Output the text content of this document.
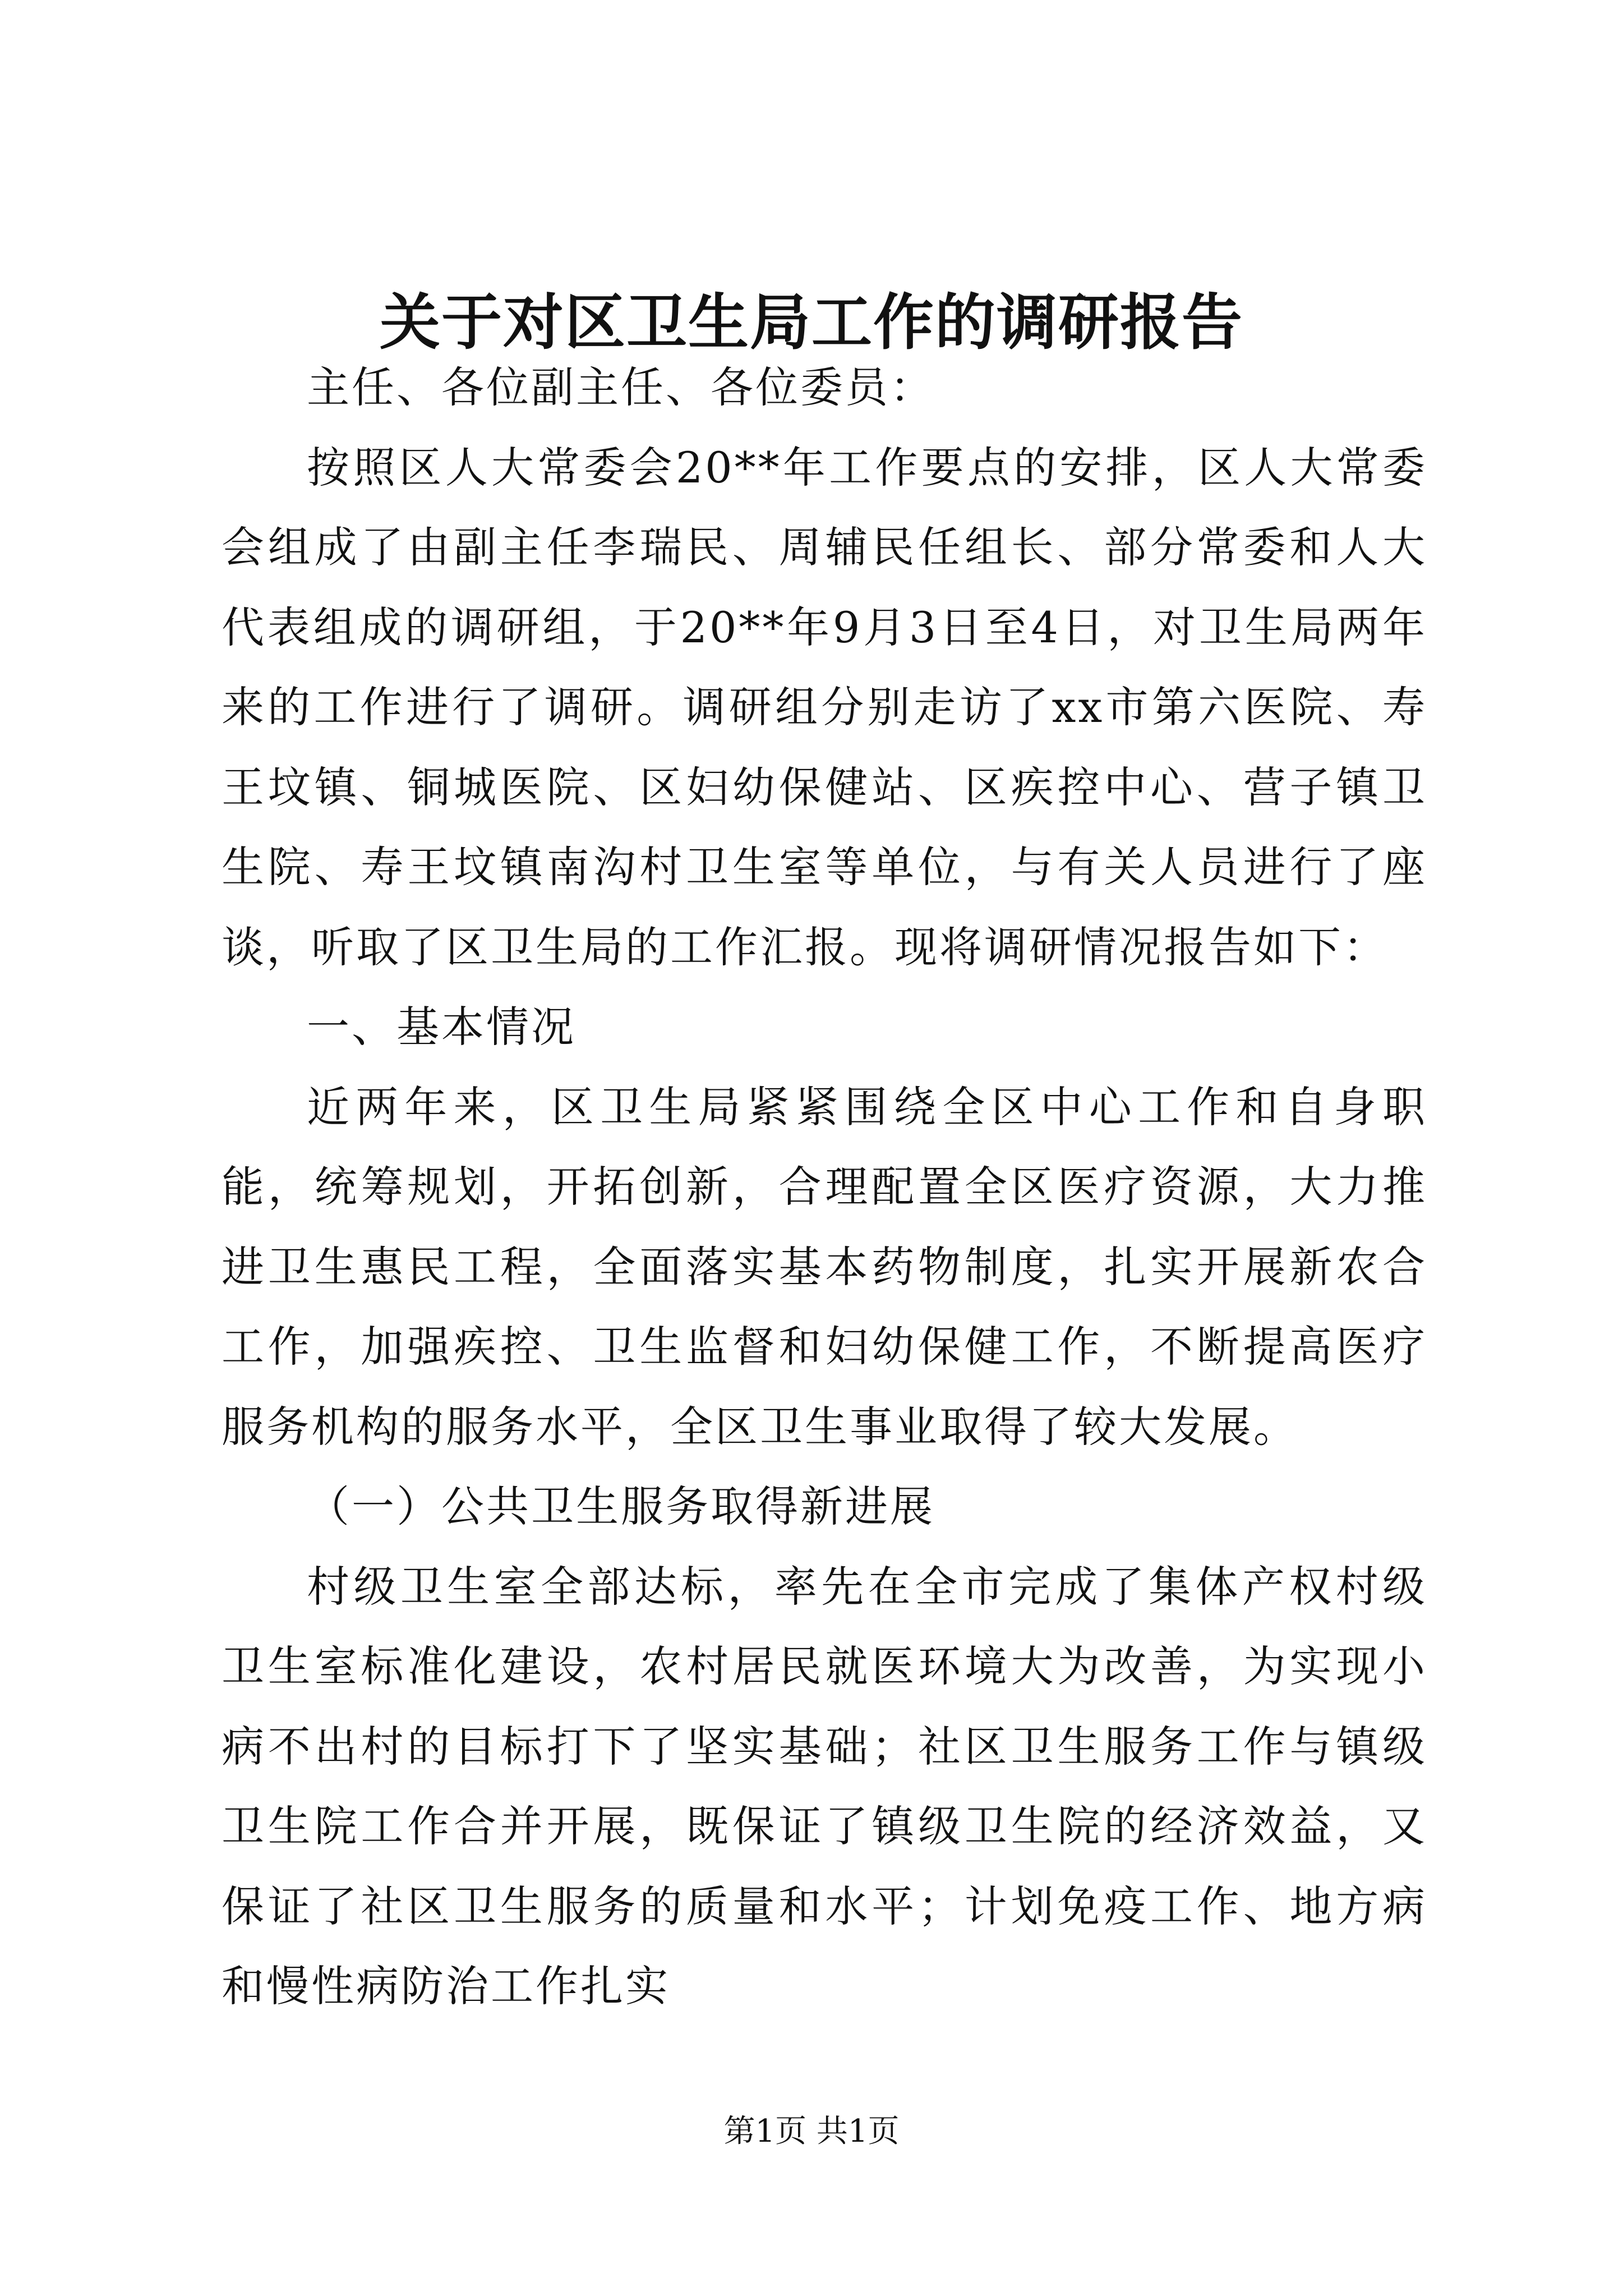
关于对区卫生局工作的调研报告

主任、各位副主任、各位委员：

按照区人大常委会20**年工作要点的安排，区人大常委会组成了由副主任李瑞民、周辅民任组长、部分常委和人大代表组成的调研组，于20**年9月3日至4日，对卫生局两年来的工作进行了调研。调研组分别走访了xx市第六医院、寿王坟镇、铜城医院、区妇幼保健站、区疾控中心、营子镇卫生院、寿王坟镇南沟村卫生室等单位，与有关人员进行了座谈，听取了区卫生局的工作汇报。现将调研情况报告如下：

一、基本情况

近两年来，区卫生局紧紧围绕全区中心工作和自身职能，统筹规划，开拓创新，合理配置全区医疗资源，大力推进卫生惠民工程，全面落实基本药物制度，扎实开展新农合工作，加强疾控、卫生监督和妇幼保健工作，不断提高医疗服务机构的服务水平，全区卫生事业取得了较大发展。

（一）公共卫生服务取得新进展

村级卫生室全部达标，率先在全市完成了集体产权村级卫生室标准化建设，农村居民就医环境大为改善，为实现小病不出村的目标打下了坚实基础；社区卫生服务工作与镇级卫生院工作合并开展，既保证了镇级卫生院的经济效益，又保证了社区卫生服务的质量和水平；计划免疫工作、地方病和慢性病防治工作扎实

第1页 共1页
